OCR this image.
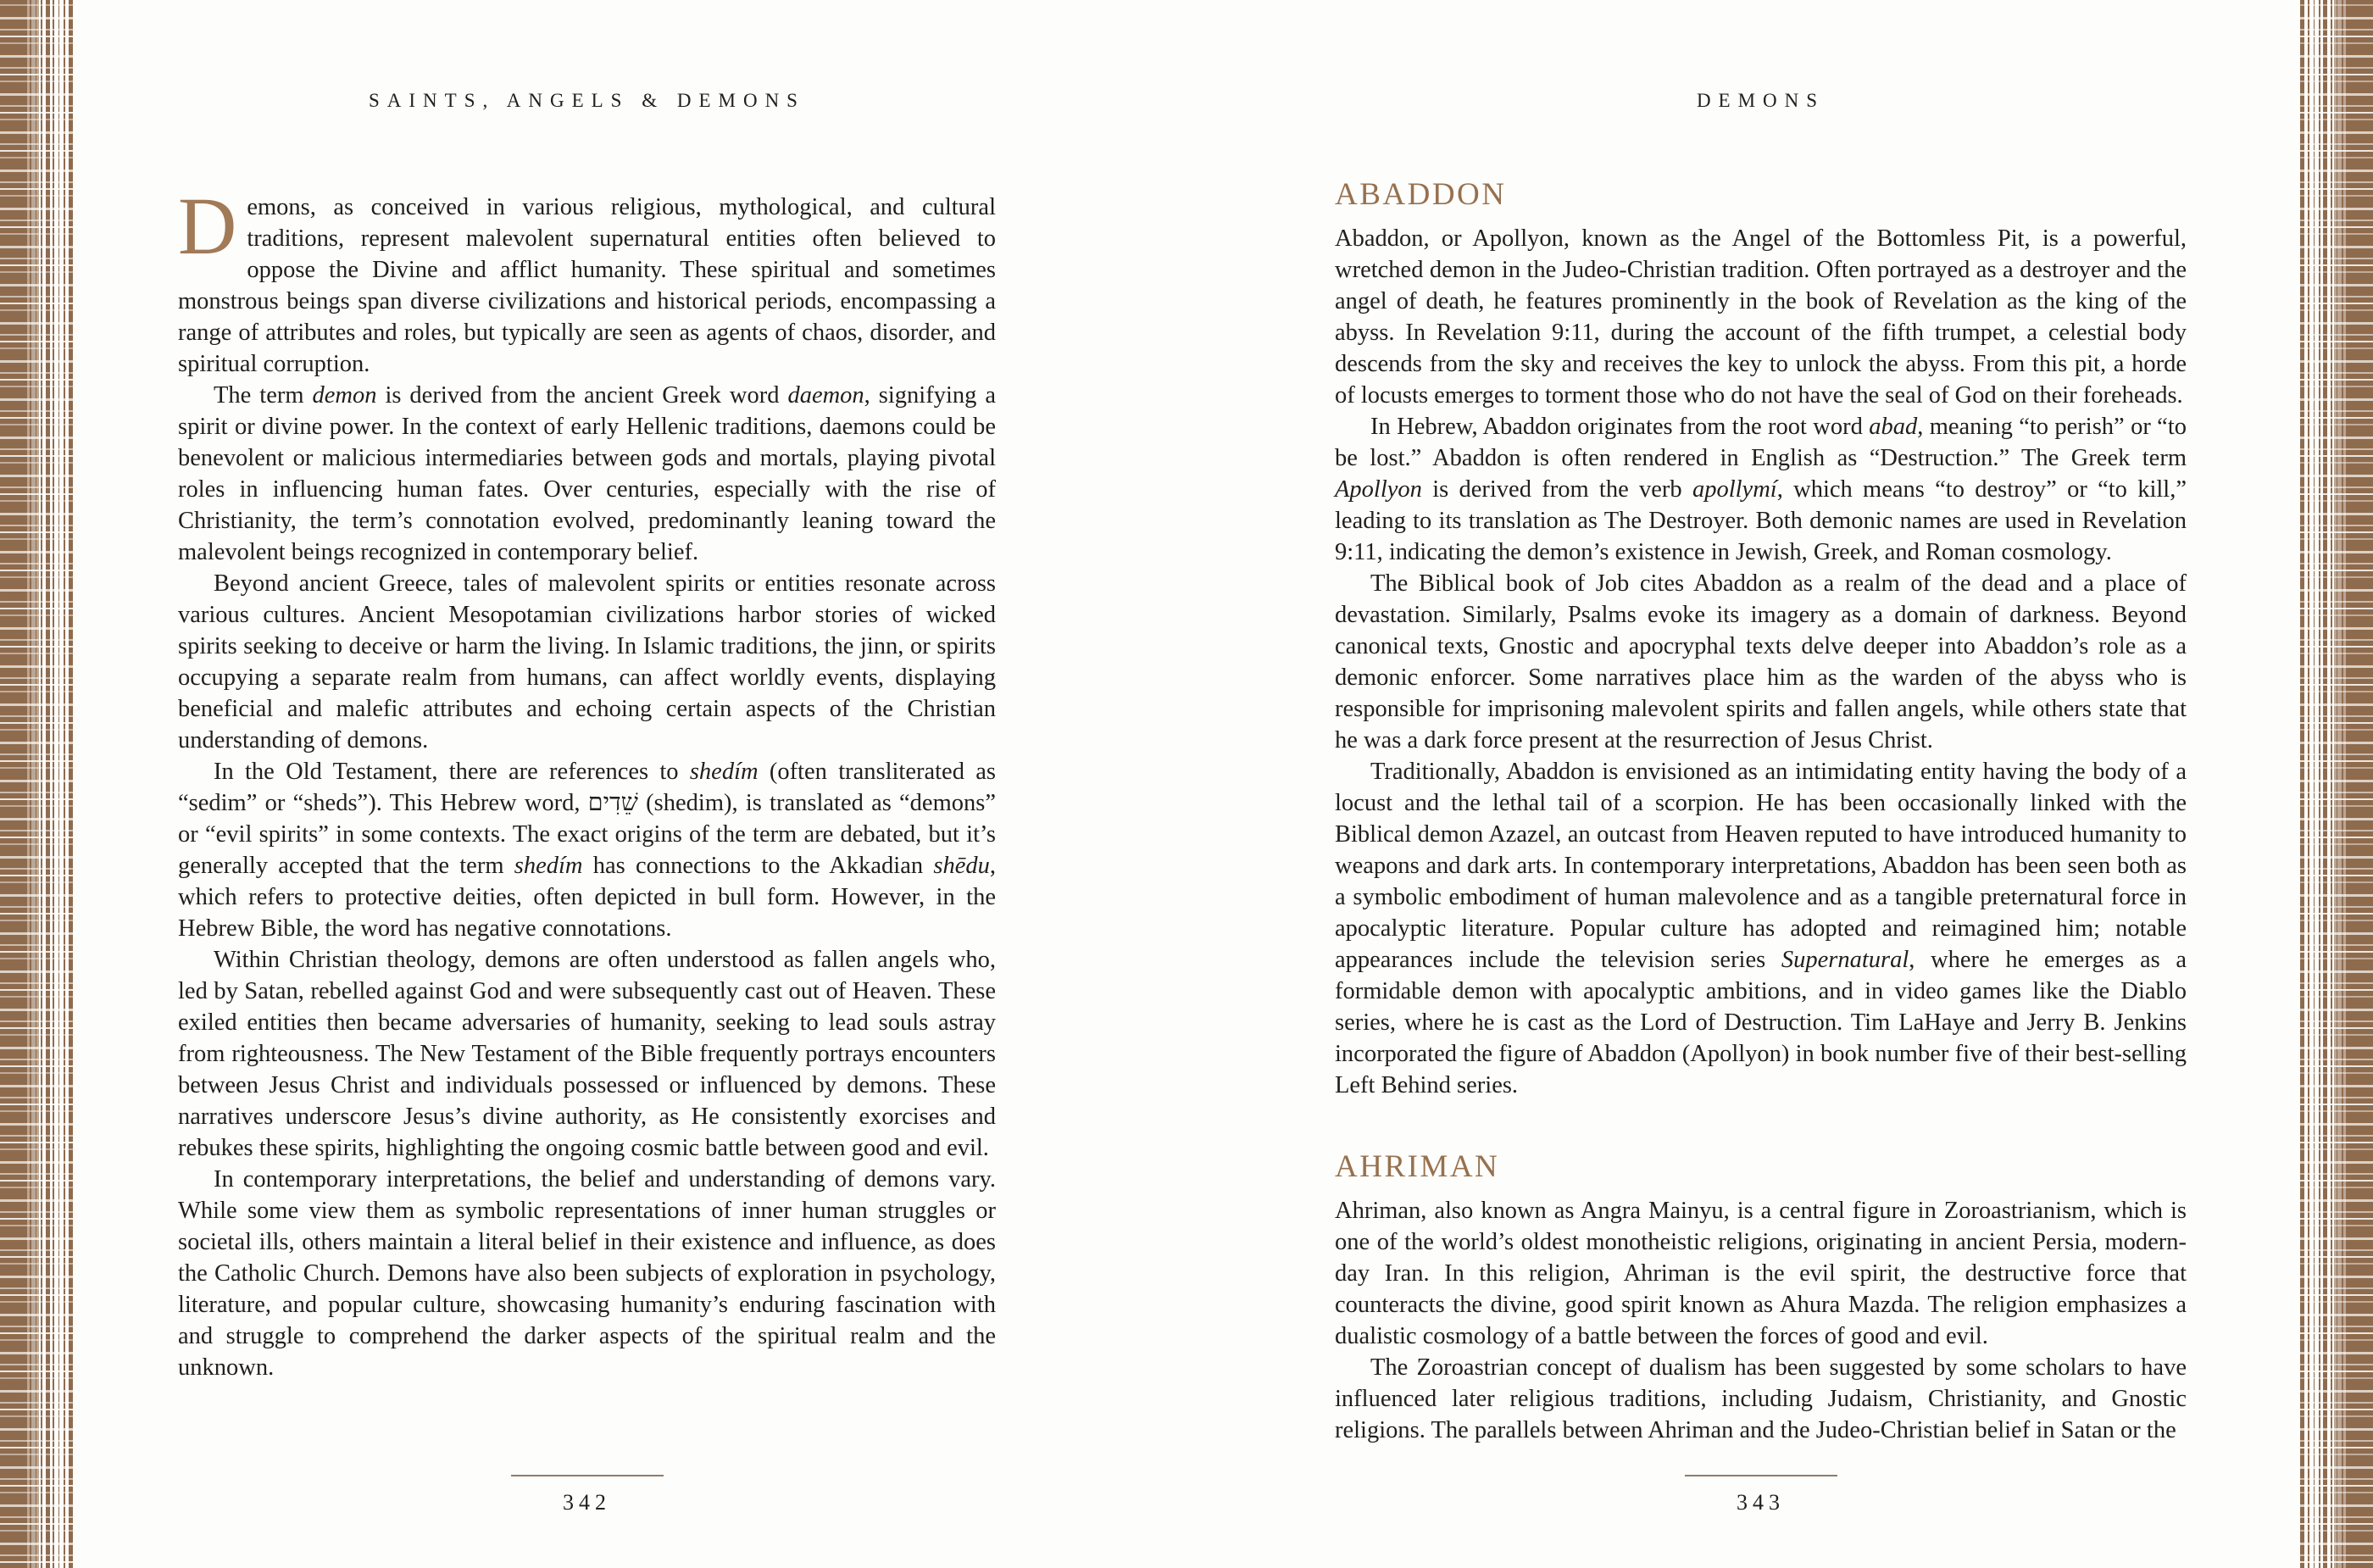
SAINTS, ANGELS & DEMONS	DEMONS

Demons, as conceived in various religious, mythological, and cultural traditions, represent malevolent supernatural entities often believed to oppose the Divine and afflict humanity. These spiritual and sometimes monstrous beings span diverse civilizations and historical periods, encompassing a range of attributes and roles, but typically are seen as agents of chaos, disorder, and spiritual corruption.

The term demon is derived from the ancient Greek word daemon, signifying a spirit or divine power. In the context of early Hellenic traditions, daemons could be benevolent or malicious intermediaries between gods and mortals, playing pivotal roles in influencing human fates. Over centuries, especially with the rise of Christianity, the term’s connotation evolved, predominantly leaning toward the malevolent beings recognized in contemporary belief.

Beyond ancient Greece, tales of malevolent spirits or entities resonate across various cultures. Ancient Mesopotamian civilizations harbor stories of wicked spirits seeking to deceive or harm the living. In Islamic traditions, the jinn, or spirits occupying a separate realm from humans, can affect worldly events, displaying beneficial and malefic attributes and echoing certain aspects of the Christian understanding of demons.

In the Old Testament, there are references to shedím (often transliterated as “sedim” or “sheds”). This Hebrew word, שֵׁדִים (shedim), is translated as “demons” or “evil spirits” in some contexts. The exact origins of the term are debated, but it’s generally accepted that the term shedím has connections to the Akkadian shēdu, which refers to protective deities, often depicted in bull form. However, in the Hebrew Bible, the word has negative connotations.

Within Christian theology, demons are often understood as fallen angels who, led by Satan, rebelled against God and were subsequently cast out of Heaven. These exiled entities then became adversaries of humanity, seeking to lead souls astray from righteousness. The New Testament of the Bible frequently portrays encounters between Jesus Christ and individuals possessed or influenced by demons. These narratives underscore Jesus’s divine authority, as He consistently exorcises and rebukes these spirits, highlighting the ongoing cosmic battle between good and evil.

In contemporary interpretations, the belief and understanding of demons vary. While some view them as symbolic representations of inner human struggles or societal ills, others maintain a literal belief in their existence and influence, as does the Catholic Church. Demons have also been subjects of exploration in psychology, literature, and popular culture, showcasing humanity’s enduring fascination with and struggle to comprehend the darker aspects of the spiritual realm and the unknown.

ABADDON

Abaddon, or Apollyon, known as the Angel of the Bottomless Pit, is a powerful, wretched demon in the Judeo-Christian tradition. Often portrayed as a destroyer and the angel of death, he features prominently in the book of Revelation as the king of the abyss. In Revelation 9:11, during the account of the fifth trumpet, a celestial body descends from the sky and receives the key to unlock the abyss. From this pit, a horde of locusts emerges to torment those who do not have the seal of God on their foreheads.

In Hebrew, Abaddon originates from the root word abad, meaning “to perish” or “to be lost.” Abaddon is often rendered in English as “Destruction.” The Greek term Apollyon is derived from the verb apollymí, which means “to destroy” or “to kill,” leading to its translation as The Destroyer. Both demonic names are used in Revelation 9:11, indicating the demon’s existence in Jewish, Greek, and Roman cosmology.

The Biblical book of Job cites Abaddon as a realm of the dead and a place of devastation. Similarly, Psalms evoke its imagery as a domain of darkness. Beyond canonical texts, Gnostic and apocryphal texts delve deeper into Abaddon’s role as a demonic enforcer. Some narratives place him as the warden of the abyss who is responsible for imprisoning malevolent spirits and fallen angels, while others state that he was a dark force present at the resurrection of Jesus Christ.

Traditionally, Abaddon is envisioned as an intimidating entity having the body of a locust and the lethal tail of a scorpion. He has been occasionally linked with the Biblical demon Azazel, an outcast from Heaven reputed to have introduced humanity to weapons and dark arts. In contemporary interpretations, Abaddon has been seen both as a symbolic embodiment of human malevolence and as a tangible preternatural force in apocalyptic literature. Popular culture has adopted and reimagined him; notable appearances include the television series Supernatural, where he emerges as a formidable demon with apocalyptic ambitions, and in video games like the Diablo series, where he is cast as the Lord of Destruction. Tim LaHaye and Jerry B. Jenkins incorporated the figure of Abaddon (Apollyon) in book number five of their best-selling Left Behind series.

AHRIMAN

Ahriman, also known as Angra Mainyu, is a central figure in Zoroastrianism, which is one of the world’s oldest monotheistic religions, originating in ancient Persia, modern-day Iran. In this religion, Ahriman is the evil spirit, the destructive force that counteracts the divine, good spirit known as Ahura Mazda. The religion emphasizes a dualistic cosmology of a battle between the forces of good and evil.

The Zoroastrian concept of dualism has been suggested by some scholars to have influenced later religious traditions, including Judaism, Christianity, and Gnostic religions. The parallels between Ahriman and the Judeo-Christian belief in Satan or the

342	343
